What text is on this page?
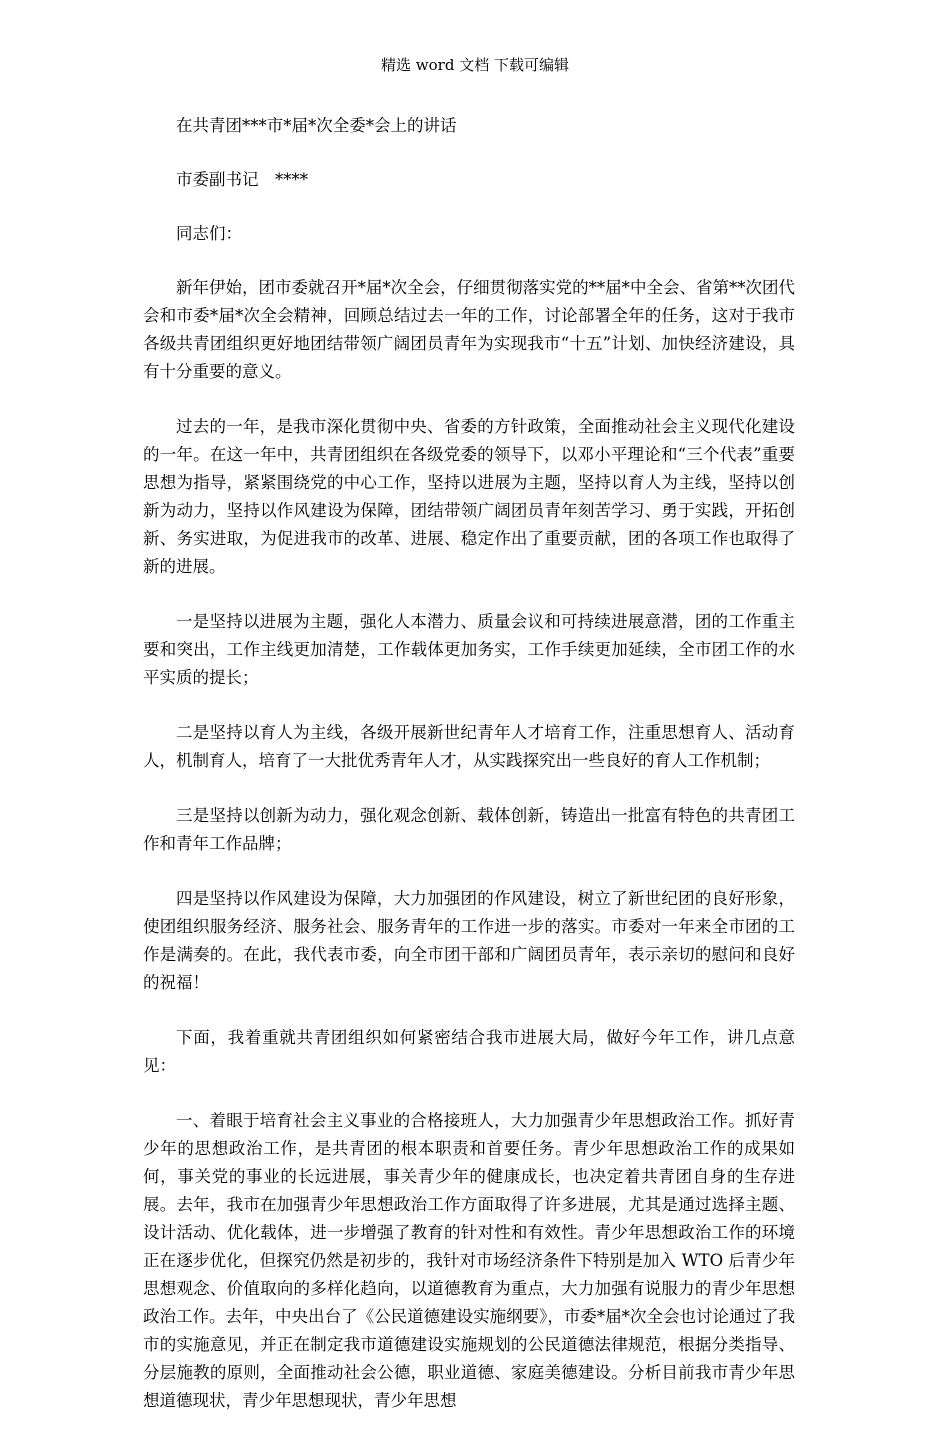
精选 word 文档 下载可编辑

在共青团***市*届*次全委*会上的讲话

市委副书记　****

同志们：

新年伊始，团市委就召开*届*次全会，仔细贯彻落实党的**届*中全会、省第**次团代会和市委*届*次全会精神，回顾总结过去一年的工作，讨论部署全年的任务，这对于我市各级共青团组织更好地团结带领广阔团员青年为实现我市“十五”计划、加快经济建设，具有十分重要的意义。

过去的一年，是我市深化贯彻中央、省委的方针政策，全面推动社会主义现代化建设的一年。在这一年中，共青团组织在各级党委的领导下，以邓小平理论和“三个代表”重要思想为指导，紧紧围绕党的中心工作，坚持以进展为主题，坚持以育人为主线，坚持以创新为动力，坚持以作风建设为保障，团结带领广阔团员青年刻苦学习、勇于实践，开拓创新、务实进取，为促进我市的改革、进展、稳定作出了重要贡献，团的各项工作也取得了新的进展。

一是坚持以进展为主题，强化人本潜力、质量会议和可持续进展意潜，团的工作重主要和突出，工作主线更加清楚，工作载体更加务实，工作手续更加延续，全市团工作的水平实质的提长；

二是坚持以育人为主线，各级开展新世纪青年人才培育工作，注重思想育人、活动育人，机制育人，培育了一大批优秀青年人才，从实践探究出一些良好的育人工作机制；

三是坚持以创新为动力，强化观念创新、载体创新，铸造出一批富有特色的共青团工作和青年工作品牌；

四是坚持以作风建设为保障，大力加强团的作风建设，树立了新世纪团的良好形象，使团组织服务经济、服务社会、服务青年的工作进一步的落实。市委对一年来全市团的工作是满奏的。在此，我代表市委，向全市团干部和广阔团员青年，表示亲切的慰问和良好的祝福！

下面，我着重就共青团组织如何紧密结合我市进展大局，做好今年工作，讲几点意见：

一、着眼于培育社会主义事业的合格接班人，大力加强青少年思想政治工作。抓好青少年的思想政治工作，是共青团的根本职责和首要任务。青少年思想政治工作的成果如何，事关党的事业的长远进展，事关青少年的健康成长，也决定着共青团自身的生存进展。去年，我市在加强青少年思想政治工作方面取得了许多进展，尤其是通过选择主题、设计活动、优化载体，进一步增强了教育的针对性和有效性。青少年思想政治工作的环境正在逐步优化，但探究仍然是初步的，我针对市场经济条件下特别是加入 WTO 后青少年思想观念、价值取向的多样化趋向，以道德教育为重点，大力加强有说服力的青少年思想政治工作。去年，中央出台了《公民道德建设实施纲要》，市委*届*次全会也讨论通过了我市的实施意见，并正在制定我市道德建设实施规划的公民道德法律规范，根据分类指导、分层施教的原则，全面推动社会公德，职业道德、家庭美德建设。分析目前我市青少年思想道德现状，青少年思想现状，青少年思想
